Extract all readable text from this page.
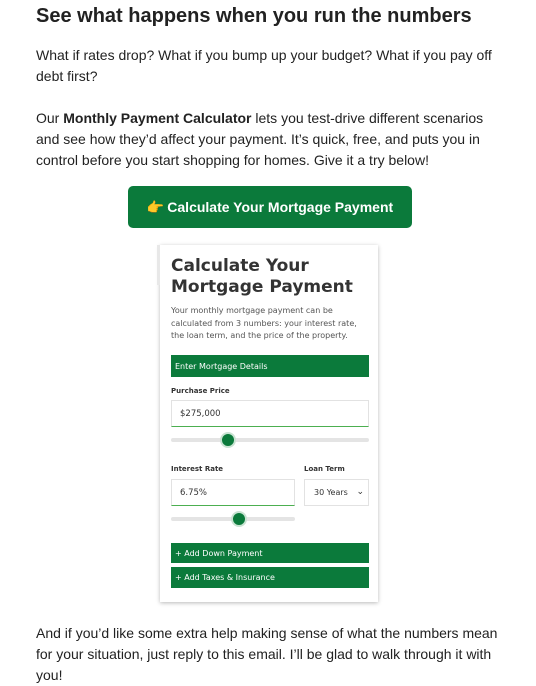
See what happens when you run the numbers

What if rates drop? What if you bump up your budget? What if you pay off debt first?

Our Monthly Payment Calculator lets you test-drive different scenarios and see how they’d affect your payment. It’s quick, free, and puts you in control before you start shopping for homes. Give it a try below!

And if you’d like some extra help making sense of what the numbers mean for your situation, just reply to this email. I’ll be glad to walk through it with you!

👉 Calculate Your Mortgage Payment
Calculate Your Mortgage Payment
Your monthly mortgage payment can be calculated from 3 numbers: your interest rate, the loan term, and the price of the property.
Enter Mortgage Details
Purchase Price
$275,000
Interest Rate	Loan Term
6.75%	30 Years ⌄
+ Add Down Payment
+ Add Taxes & Insurance
